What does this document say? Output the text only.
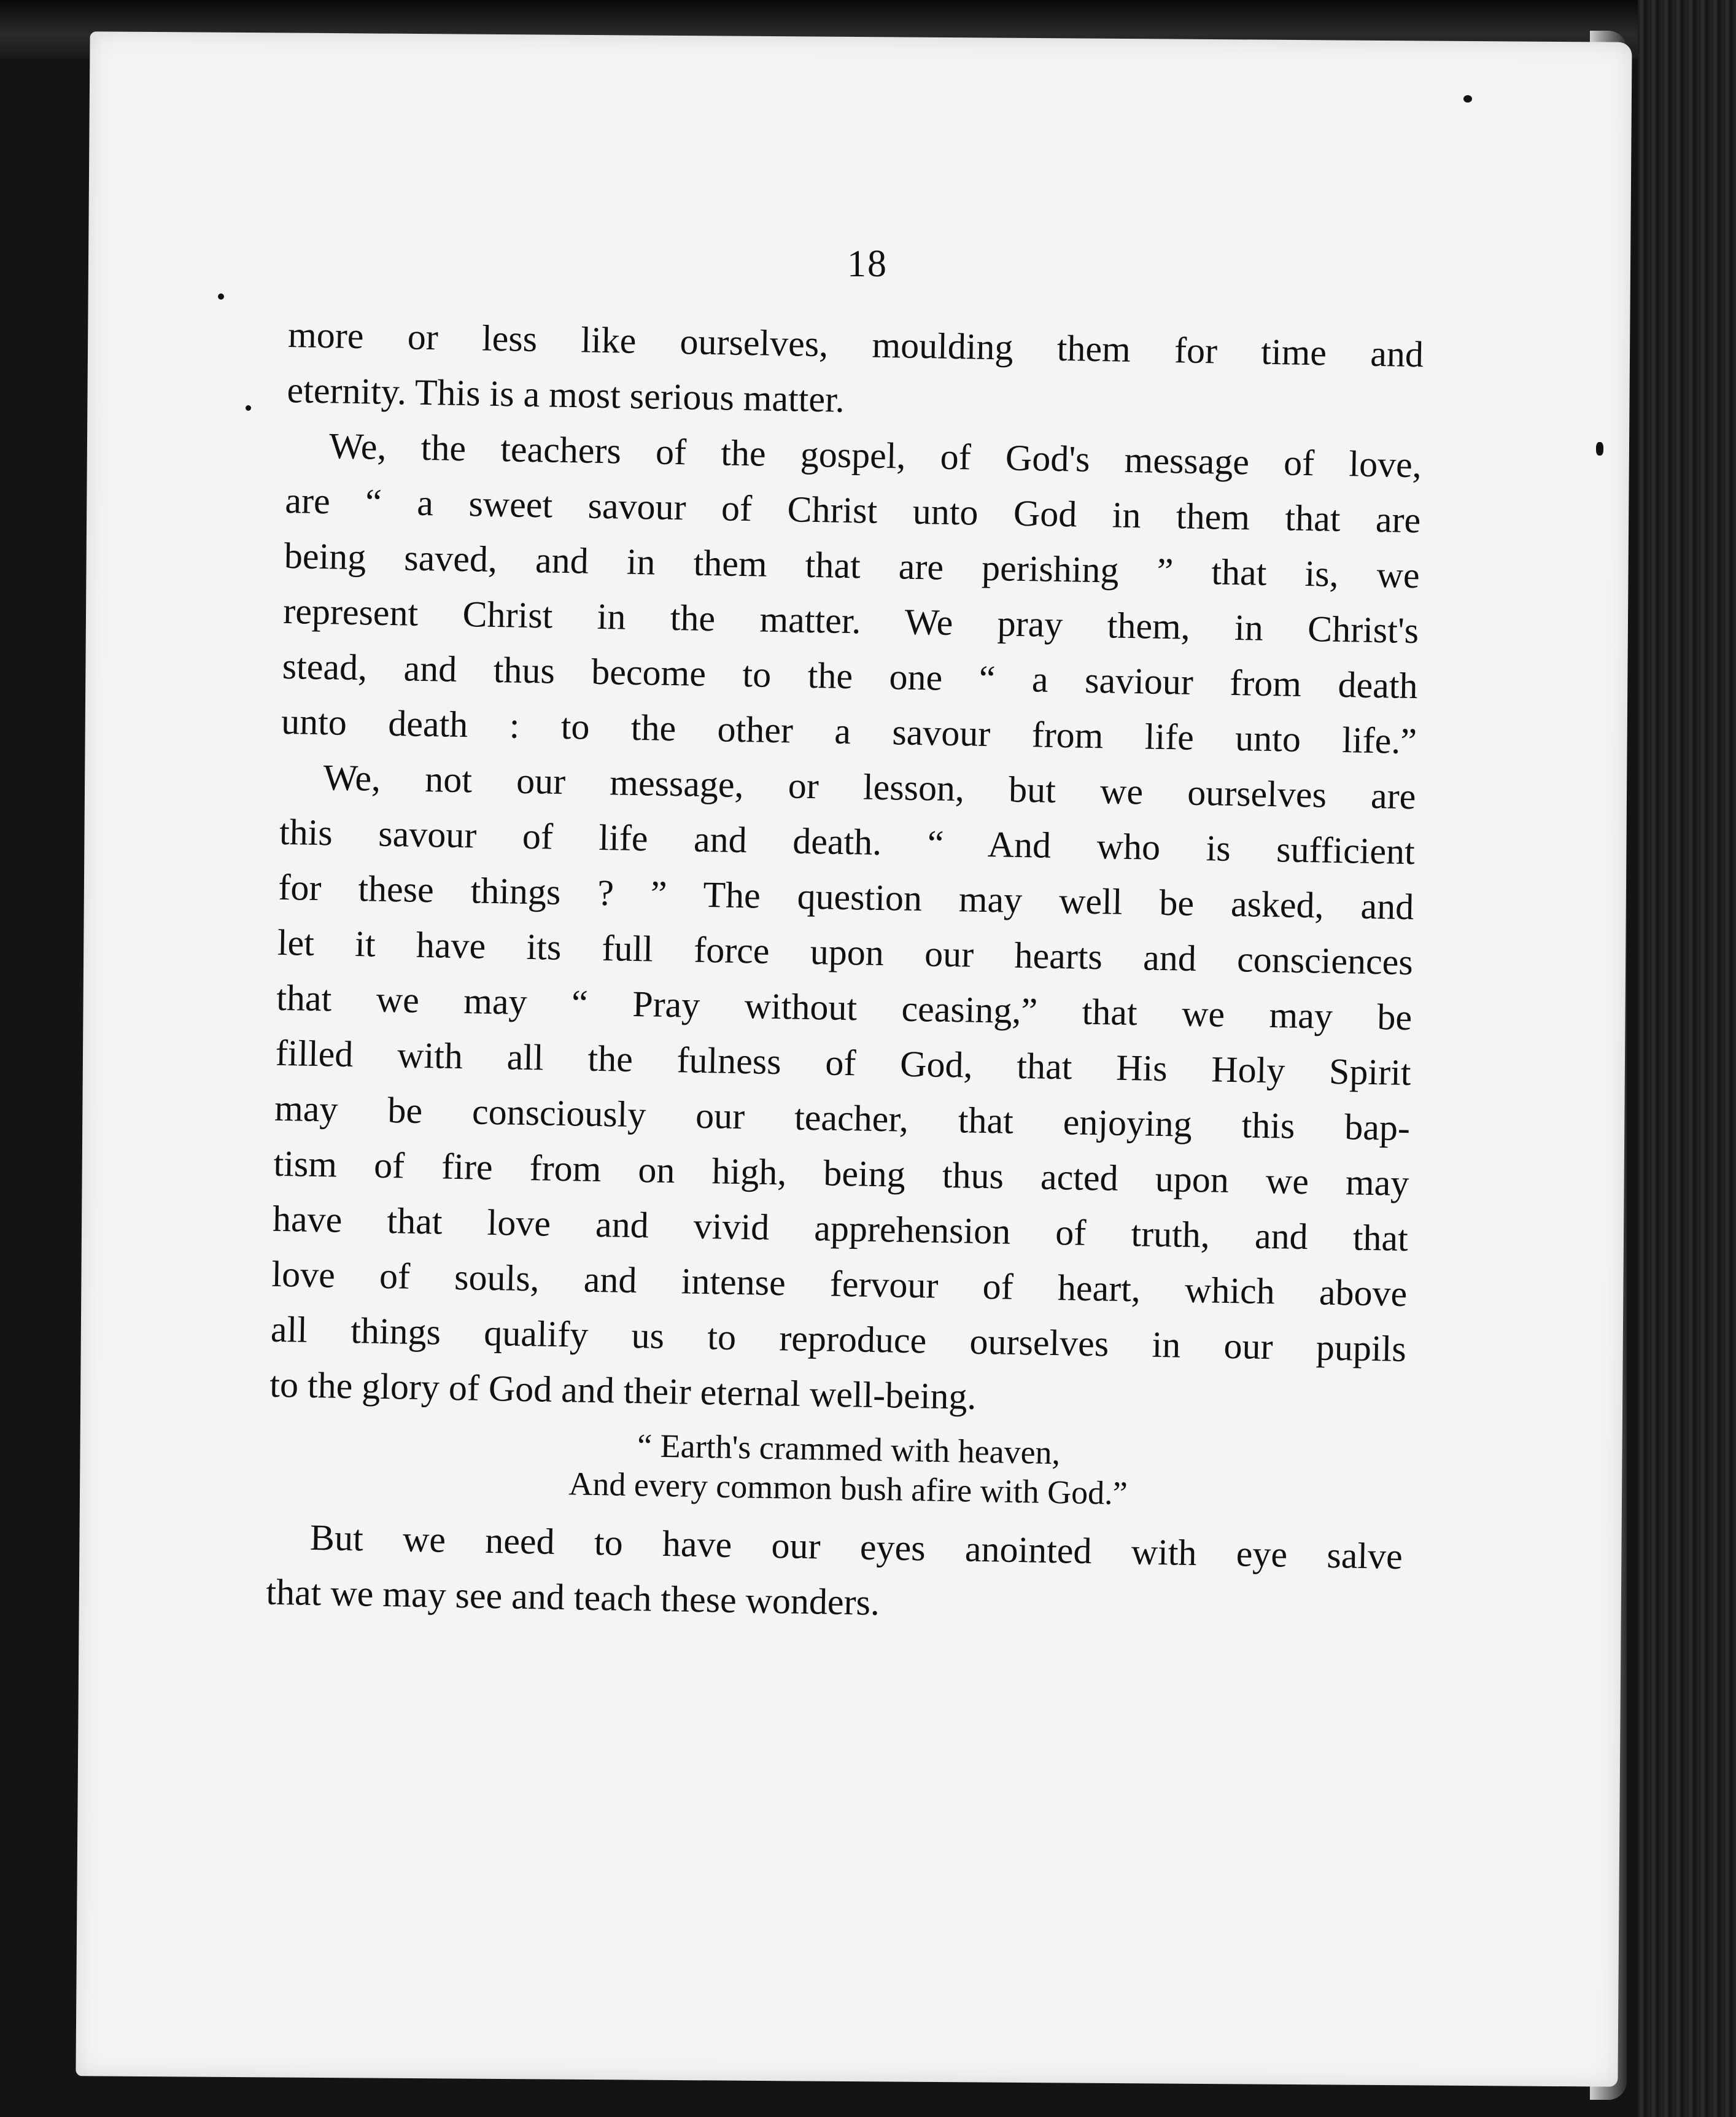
18
more or less like ourselves, moulding them for time and
eternity. This is a most serious matter.
We, the teachers of the gospel, of God's message of love,
are “ a sweet savour of Christ unto God in them that are
being saved, and in them that are perishing ” that is, we
represent Christ in the matter. We pray them, in Christ's
stead, and thus become to the one “ a saviour from death
unto death : to the other a savour from life unto life.”
We, not our message, or lesson, but we ourselves are
this savour of life and death. “ And who is sufficient
for these things ? ” The question may well be asked, and
let it have its full force upon our hearts and consciences
that we may “ Pray without ceasing,” that we may be
filled with all the fulness of God, that His Holy Spirit
may be consciously our teacher, that enjoying this bap-
tism of fire from on high, being thus acted upon we may
have that love and vivid apprehension of truth, and that
love of souls, and intense fervour of heart, which above
all things qualify us to reproduce ourselves in our pupils
to the glory of God and their eternal well-being.
“ Earth's crammed with heaven,
And every common bush afire with God.”
But we need to have our eyes anointed with eye salve
that we may see and teach these wonders.
